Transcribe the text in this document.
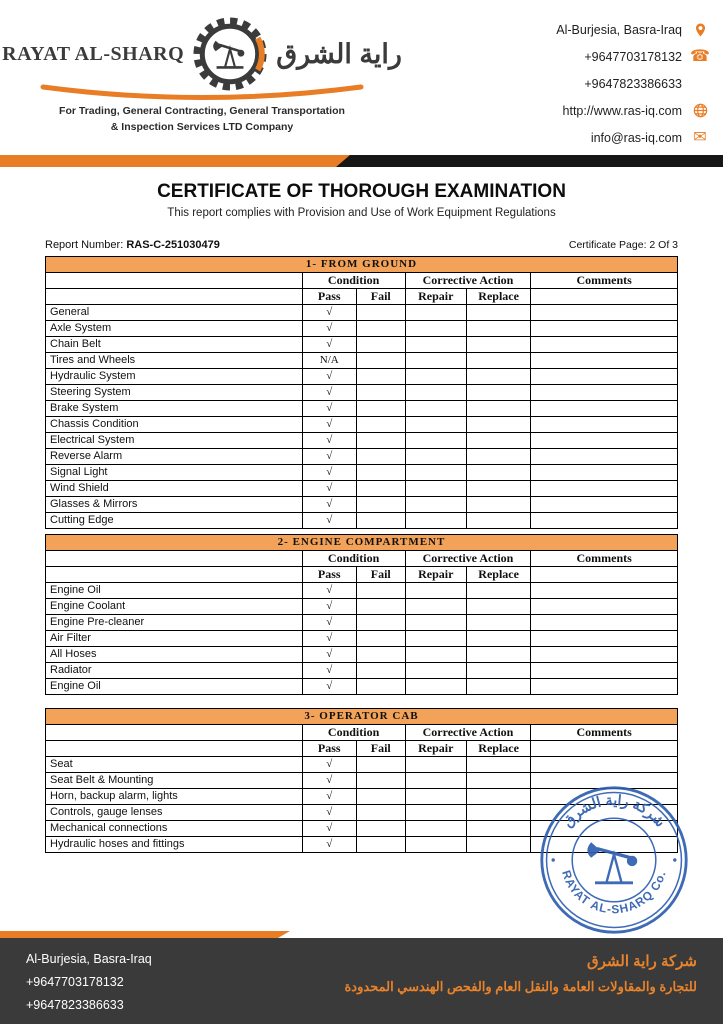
RAYAT AL-SHARQ	راية الشرق
For Trading, General Contracting, General Transportation
& Inspection Services LTD Company
Al-Burjesia, Basra-Iraq
+9647703178132 ☎
+9647823386633
http://www.ras-iq.com
info@ras-iq.com ✉
CERTIFICATE OF THOROUGH EXAMINATION
This report complies with Provision and Use of Work Equipment Regulations
Report Number: RAS-C-251030479	Certificate Page: 2 Of 3
1- FROM GROUND					
	Condition		Corrective Action		Comments
	Pass	Fail	Repair	Replace	
General	√				
Axle System	√				
Chain Belt	√				
Tires and Wheels	N/A				
Hydraulic System	√				
Steering System	√				
Brake System	√				
Chassis Condition	√				
Electrical System	√				
Reverse Alarm	√				
Signal Light	√				
Wind Shield	√				
Glasses & Mirrors	√				
Cutting Edge	√				
2- ENGINE COMPARTMENT					
	Condition		Corrective Action		Comments
	Pass	Fail	Repair	Replace	
Engine Oil	√				
Engine Coolant	√				
Engine Pre-cleaner	√				
Air Filter	√				
All Hoses	√				
Radiator	√				
Engine Oil	√				
3- OPERATOR CAB					
	Condition		Corrective Action		Comments
	Pass	Fail	Repair	Replace	
Seat	√				
Seat Belt & Mounting	√				
Horn, backup alarm, lights	√				
Controls, gauge lenses	√				
Mechanical connections	√				
Hydraulic hoses and fittings	√				
شركة راية الشرق
RAYAT AL-SHARQ Co.
Al-Burjesia, Basra-Iraq
+9647703178132
+9647823386633
شركة راية الشرق
للتجارة والمقاولات العامة والنقل العام والفحص الهندسي المحدودة
